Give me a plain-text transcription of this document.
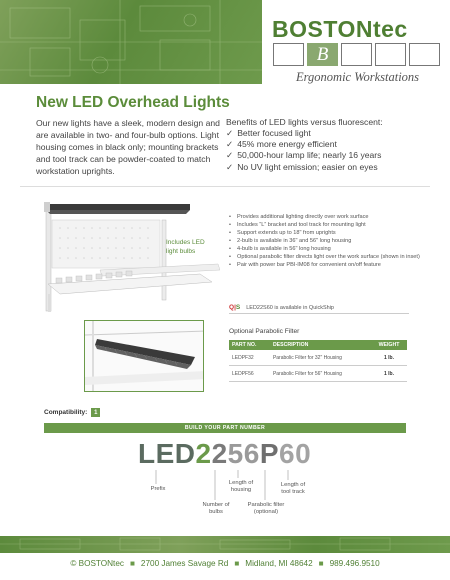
BOSTONtec
B
Ergonomic Workstations
New LED Overhead Lights
Our new lights have a sleek, modern design and are available in two- and four-bulb options. Light housing comes in black only; mounting brackets and tool track can be powder-coated to match workstation uprights.
Benefits of LED lights versus fluorescent:
✓ Better focused light
✓ 45% more energy efficient
✓ 50,000-hour lamp life; nearly 16 years
✓ No UV light emission; easier on eyes
Includes LED light bulbs
• Provides additional lighting directly over work surface
• Includes “L” bracket and tool track for mounting light
• Support extends up to 18" from uprights
• 2-bulb is available in 36" and 56" long housing
• 4-bulb is available in 56" long housing
• Optional parabolic filter directs light over the work surface (shown in inset)
• Pair with power bar PBI-IM08 for convenient on/off feature
Q|S LED22S60 is available in QuickShip
Optional Parabolic Filter
PART NO.	DESCRIPTION	WEIGHT
LEDPF32	Parabolic Filter for 32" Housing	1 lb.
LEDPF56	Parabolic Filter for 56" Housing	1 lb.
Compatibility:	1
BUILD YOUR PART NUMBER
LED2256P60
Prefix
Number of bulbs
Length of housing
Parabolic filter (optional)
Length of tool track
© BOSTONtec ■ 2700 James Savage Rd ■ Midland, MI 48642 ■ 989.496.9510
